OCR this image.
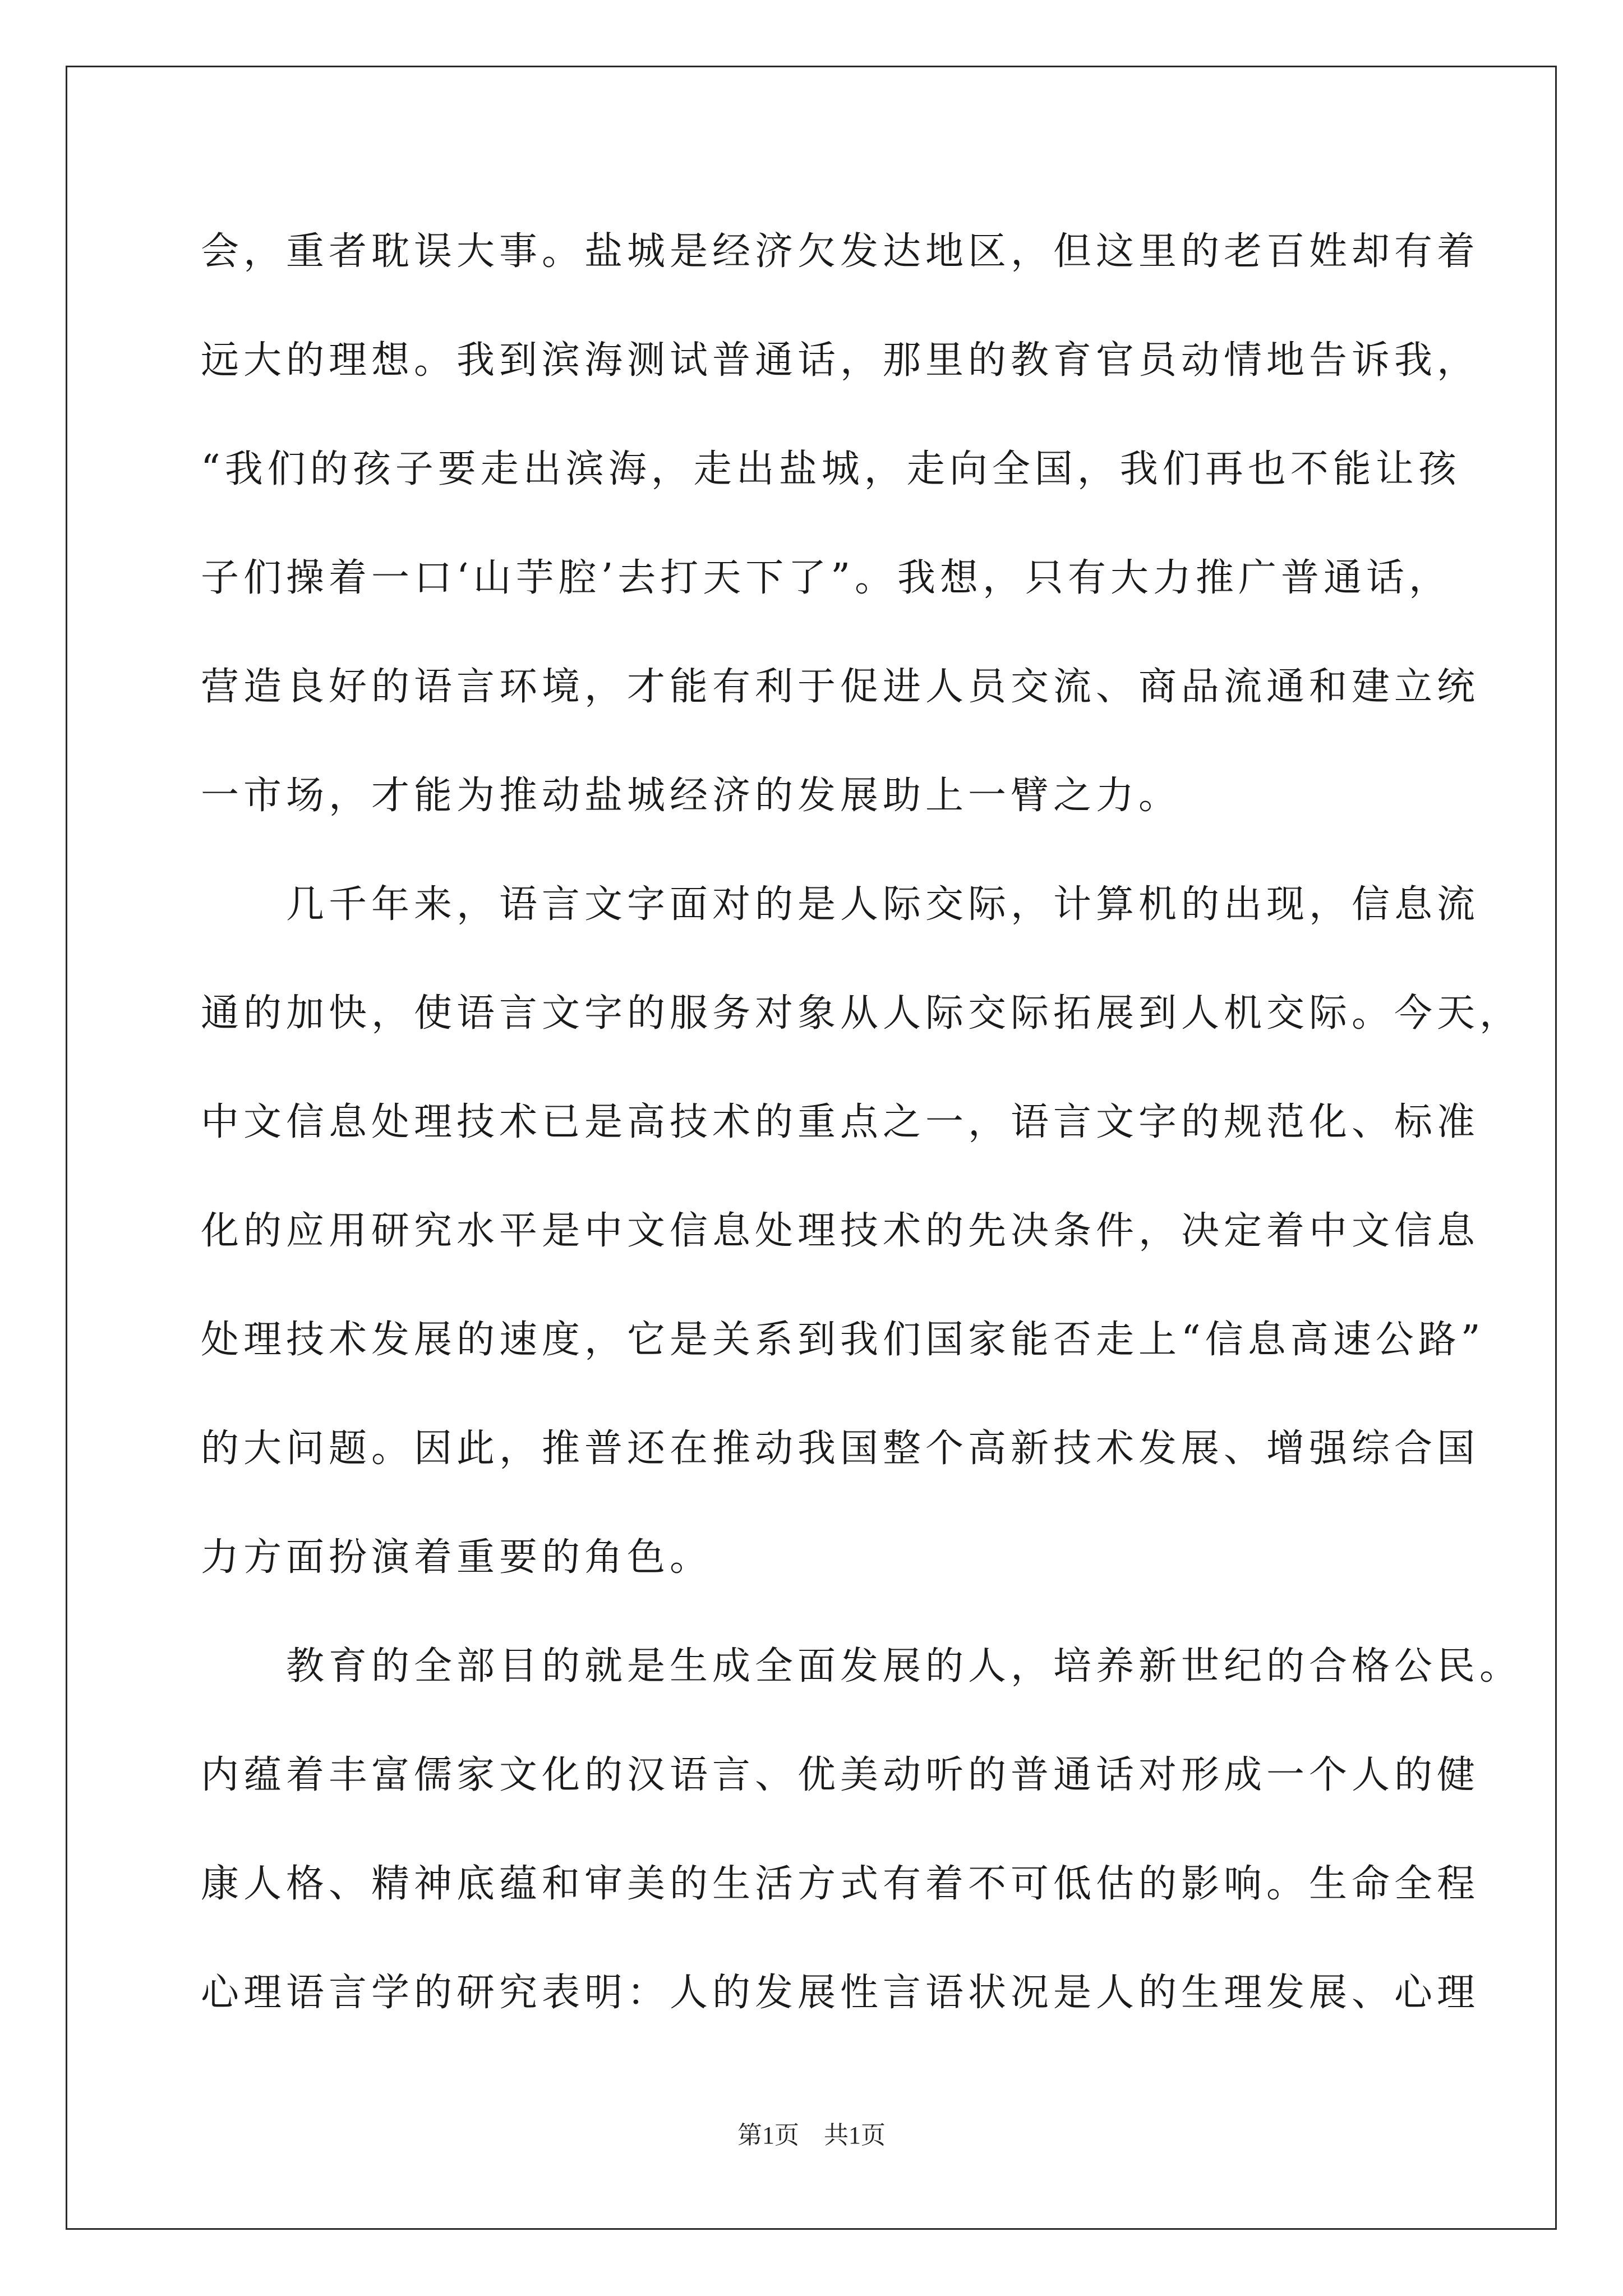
会，重者耽误大事。盐城是经济欠发达地区，但这里的老百姓却有着
远大的理想。我到滨海测试普通话，那里的教育官员动情地告诉我，
“我们的孩子要走出滨海，走出盐城，走向全国，我们再也不能让孩
子们操着一口‘山芋腔’去打天下了”。我想，只有大力推广普通话，
营造良好的语言环境，才能有利于促进人员交流、商品流通和建立统
一市场，才能为推动盐城经济的发展助上一臂之力。
　　几千年来，语言文字面对的是人际交际，计算机的出现，信息流
通的加快，使语言文字的服务对象从人际交际拓展到人机交际。今天，
中文信息处理技术已是高技术的重点之一，语言文字的规范化、标准
化的应用研究水平是中文信息处理技术的先决条件，决定着中文信息
处理技术发展的速度，它是关系到我们国家能否走上“信息高速公路”
的大问题。因此，推普还在推动我国整个高新技术发展、增强综合国
力方面扮演着重要的角色。
　　教育的全部目的就是生成全面发展的人，培养新世纪的合格公民。
内蕴着丰富儒家文化的汉语言、优美动听的普通话对形成一个人的健
康人格、精神底蕴和审美的生活方式有着不可低估的影响。生命全程
心理语言学的研究表明：人的发展性言语状况是人的生理发展、心理
第1页　共1页
